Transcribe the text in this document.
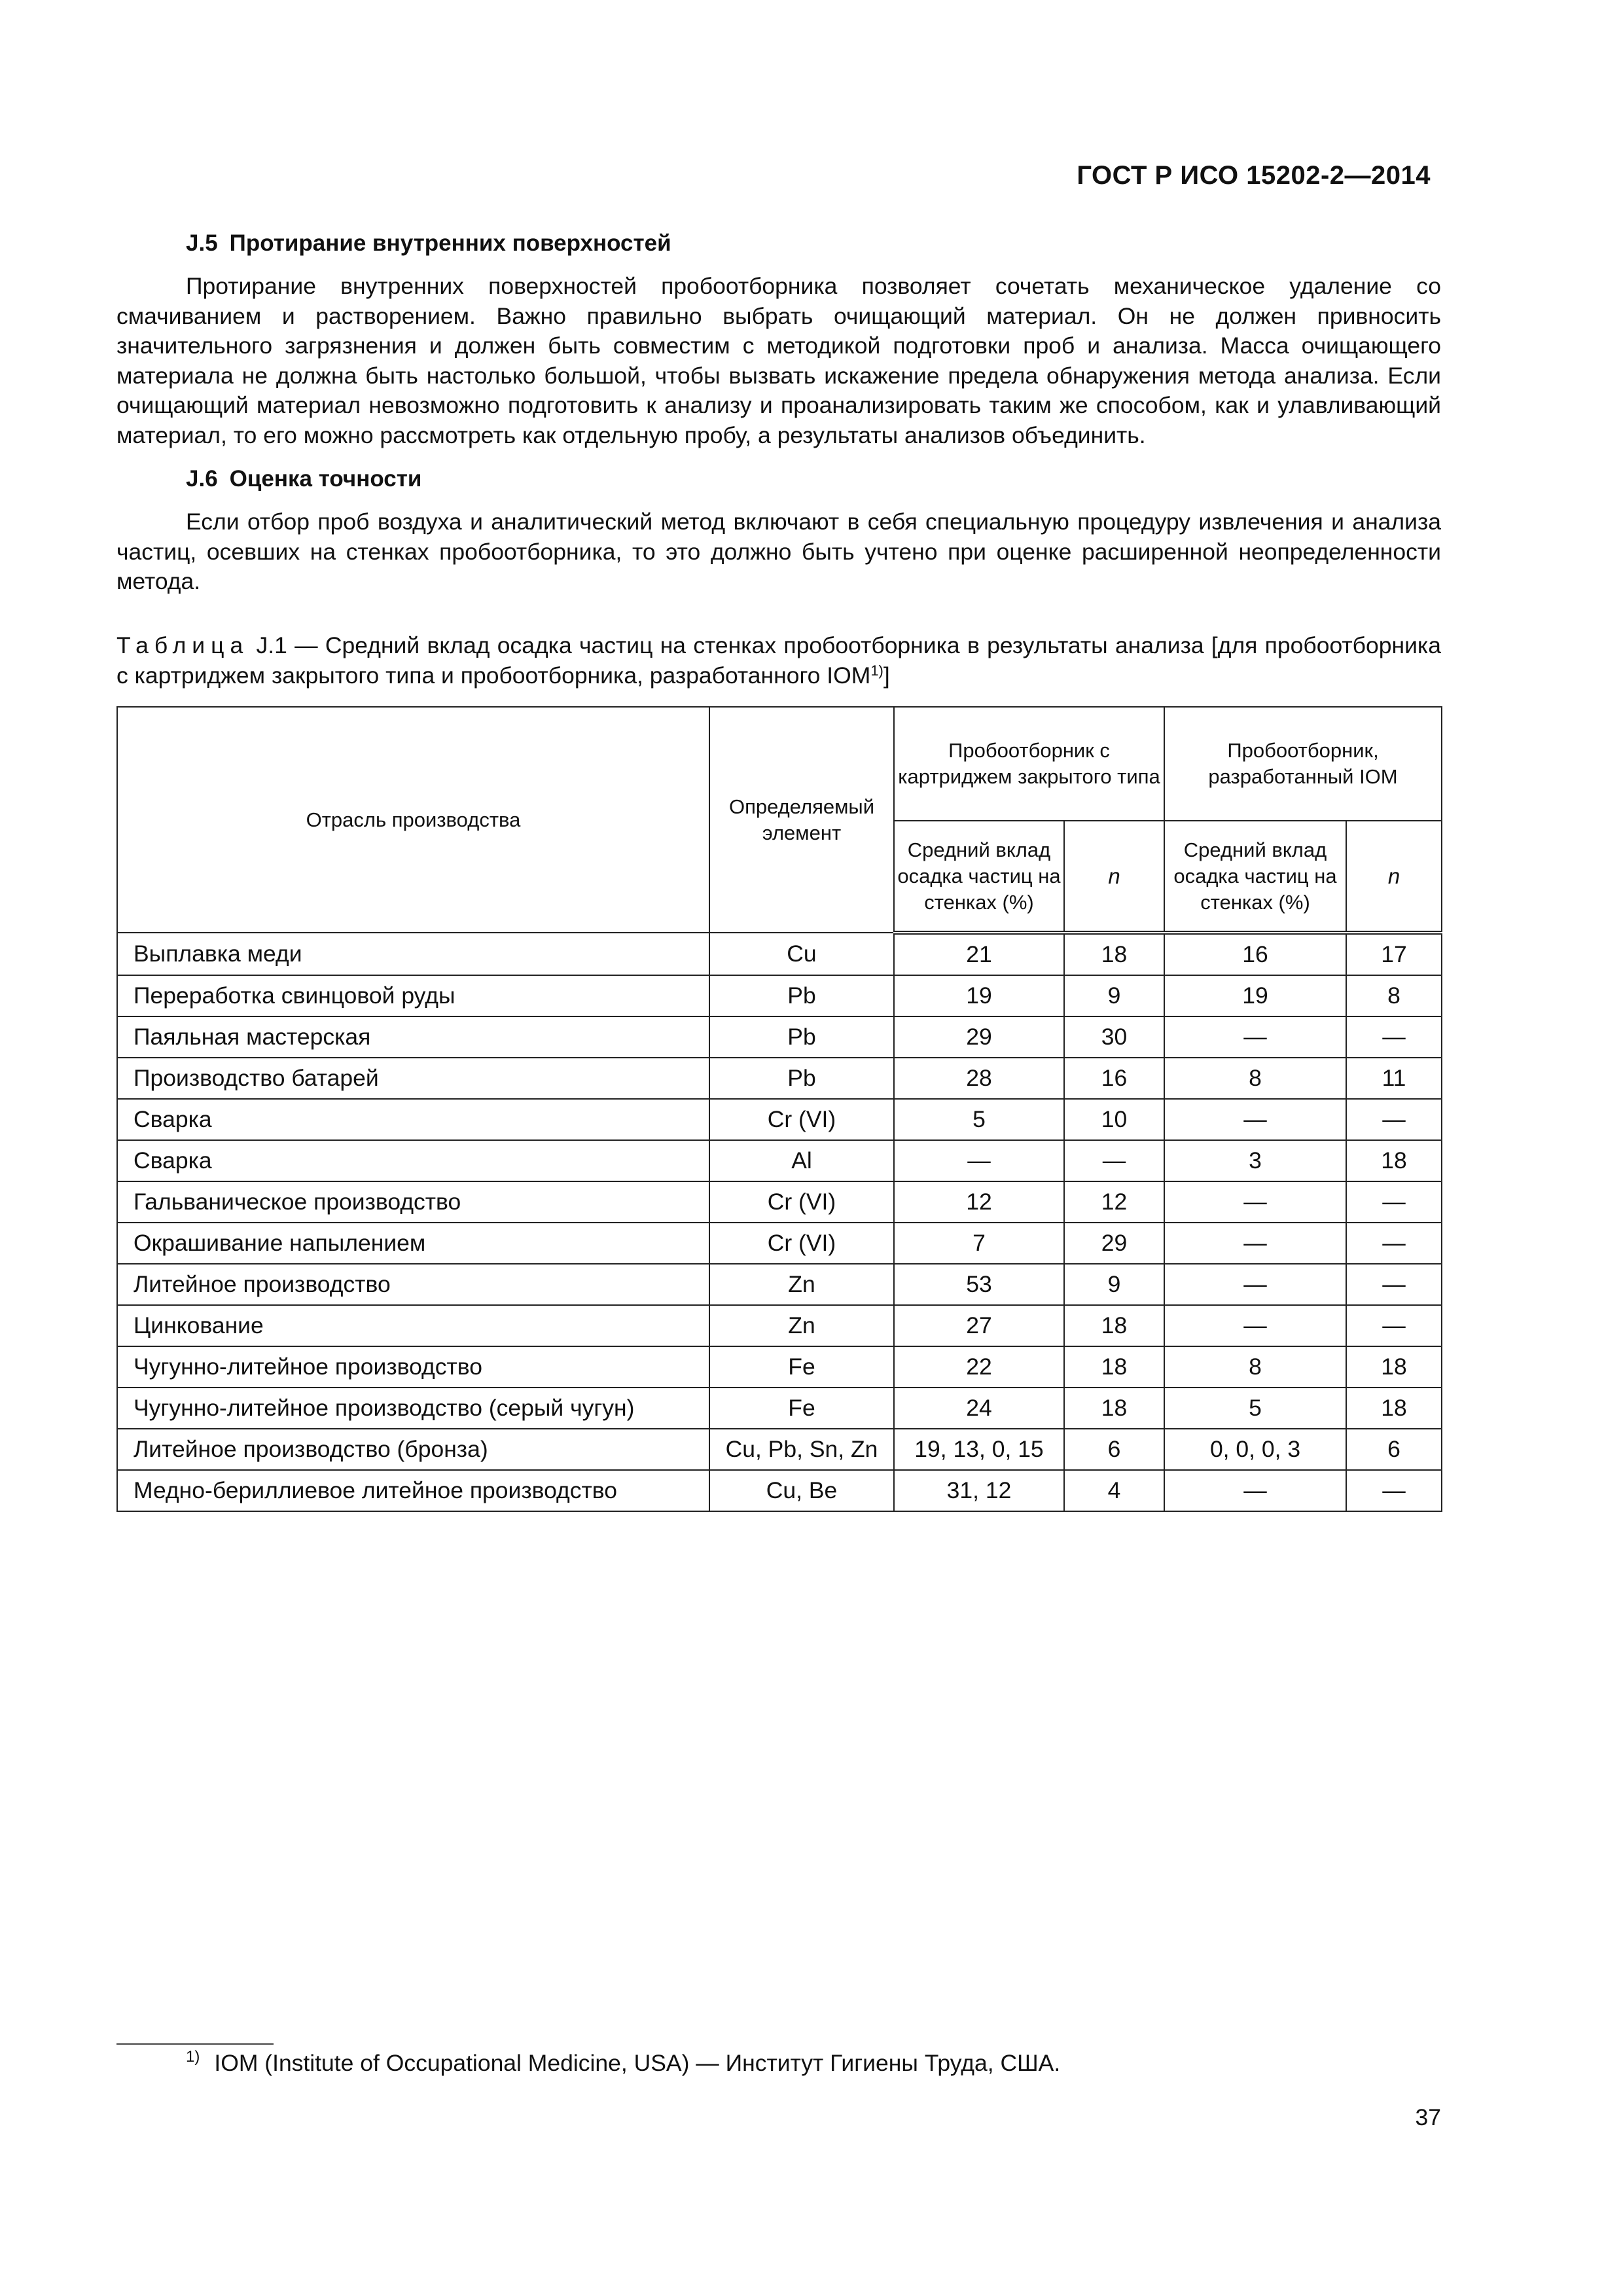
ГОСТ Р ИСО 15202-2—2014
J.5 Протирание внутренних поверхностей
Протирание внутренних поверхностей пробоотборника позволяет сочетать механическое удаление со смачиванием и растворением. Важно правильно выбрать очищающий материал. Он не должен привносить значительного загрязнения и должен быть совместим с методикой подготовки проб и анализа. Масса очищающего материала не должна быть настолько большой, чтобы вызвать искажение предела обнаружения метода анализа. Если очищающий материал невозможно подготовить к анализу и проанализировать таким же способом, как и улавливающий материал, то его можно рассмотреть как отдельную пробу, а результаты анализов объединить.
J.6 Оценка точности
Если отбор проб воздуха и аналитический метод включают в себя специальную процедуру извлечения и анализа частиц, осевших на стенках пробоотборника, то это должно быть учтено при оценке расширенной неопределенности метода.
Таблица J.1 — Средний вклад осадка частиц на стенках пробоотборника в результаты анализа [для пробоотборника с картриджем закрытого типа и пробоотборника, разработанного IOM$^{1)}$]
Отрасль производства	Определяемый элемент	Пробоотборник с картриджем закрытого типа		Пробоотборник, разработанный IOM	
		Средний вклад осадка частиц на стенках (%)	n	Средний вклад осадка частиц на стенках (%)	n
Выплавка меди	Cu	21	18	16	17
Переработка свинцовой руды	Pb	19	9	19	8
Паяльная мастерская	Pb	29	30	—	—
Производство батарей	Pb	28	16	8	11
Сварка	Cr (VI)	5	10	—	—
Сварка	Al	—	—	3	18
Гальваническое производство	Cr (VI)	12	12	—	—
Окрашивание напылением	Cr (VI)	7	29	—	—
Литейное производство	Zn	53	9	—	—
Цинкование	Zn	27	18	—	—
Чугунно-литейное производство	Fe	22	18	8	18
Чугунно-литейное производство (серый чугун)	Fe	24	18	5	18
Литейное производство (бронза)	Cu, Pb, Sn, Zn	19, 13, 0, 15	6	0, 0, 0, 3	6
Медно-бериллиевое литейное производство	Cu, Be	31, 12	4	—	—
$^{1)}$ IOM (Institute of Occupational Medicine, USA) — Институт Гигиены Труда, США.
37
